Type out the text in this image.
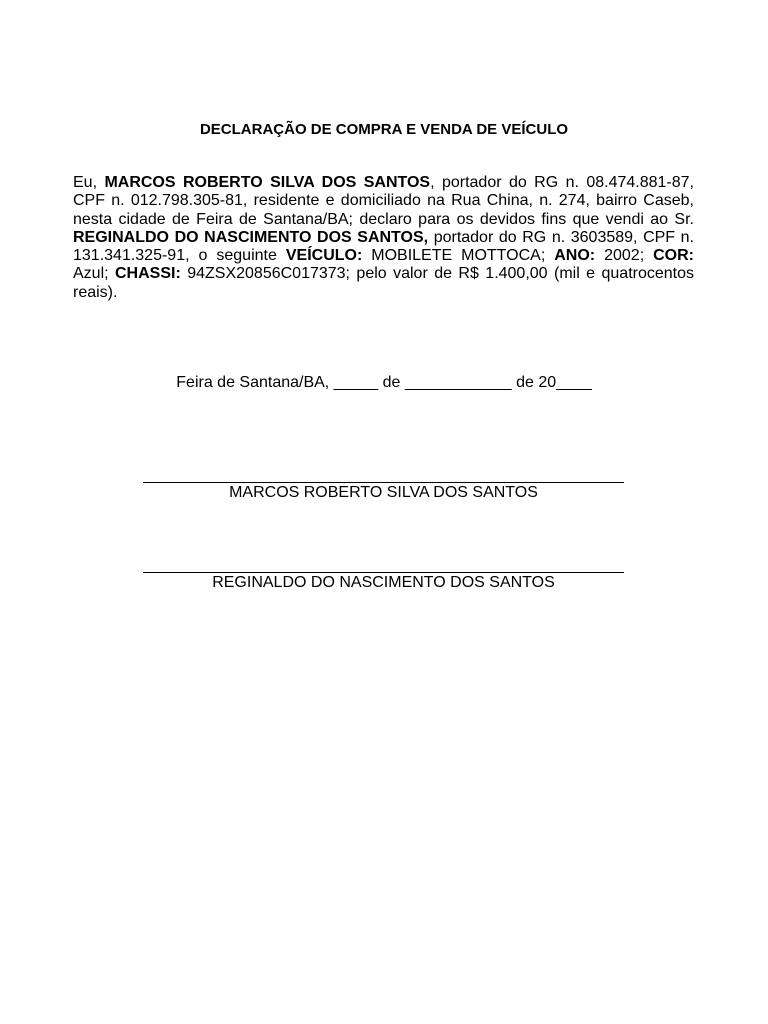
DECLARAÇÃO DE COMPRA E VENDA DE VEÍCULO

Eu, MARCOS ROBERTO SILVA DOS SANTOS, portador do RG n. 08.474.881-87, CPF n. 012.798.305-81, residente e domiciliado na Rua China, n. 274, bairro Caseb, nesta cidade de Feira de Santana/BA; declaro para os devidos fins que vendi ao Sr. REGINALDO DO NASCIMENTO DOS SANTOS, portador do RG n. 3603589, CPF n. 131.341.325-91, o seguinte VEÍCULO: MOBILETE MOTTOCA; ANO: 2002; COR: Azul; CHASSI: 94ZSX20856C017373; pelo valor de R$ 1.400,00 (mil e quatrocentos reais).

Feira de Santana/BA, _____ de ____________ de 20____
MARCOS ROBERTO SILVA DOS SANTOS
REGINALDO DO NASCIMENTO DOS SANTOS
